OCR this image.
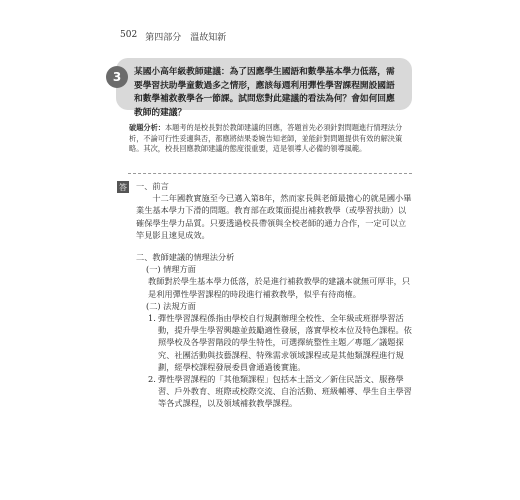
502 第四部分　溫故知新
3	某國小高年級教師建議：為了因應學生國語和數學基本學力低落，需要學習扶助學童數過多之情形，應該每週利用彈性學習課程開設國語和數學補救教學各一節課。試問您對此建議的看法為何？會如何回應教師的建議？
破題分析：本題考的是校長對於教師建議的回應，答題首先必須針對問題進行情理法分析，不論可行性妥適與否，都應將結果委婉告知老師，並能針對問題提供有效的解決策略。其次，校長回應教師建議的態度很重要，這是領導人必備的領導風範。
答 一、前言

十二年國教實施至今已邁入第8年，然而家長與老師最擔心的就是國小畢業生基本學力下滑的問題。教育部在政策面提出補救教學（或學習扶助）以確保學生學力品質。只要透過校長帶領與全校老師的通力合作，一定可以立竿見影且速見成效。

二、教師建議的情理法分析

(一) 情理方面

教師對於學生基本學力低落，於是進行補救教學的建議本就無可厚非，只是利用彈性學習課程的時段進行補救教學，似乎有待商榷。

(二) 法規方面

1. 彈性學習課程係指由學校自行規劃辦理全校性、全年級或班群學習活動，提升學生學習興趣並鼓勵適性發展，落實學校本位及特色課程。依照學校及各學習階段的學生特性，可選擇統整性主題／專題／議題探究、社團活動與技藝課程、特殊需求領域課程或是其他類課程進行規劃，經學校課程發展委員會通過後實施。
2. 彈性學習課程的「其他類課程」包括本土語文／新住民語文、服務學習、戶外教育、班際或校際交流、自治活動、班級輔導、學生自主學習等各式課程，以及領域補救教學課程。
